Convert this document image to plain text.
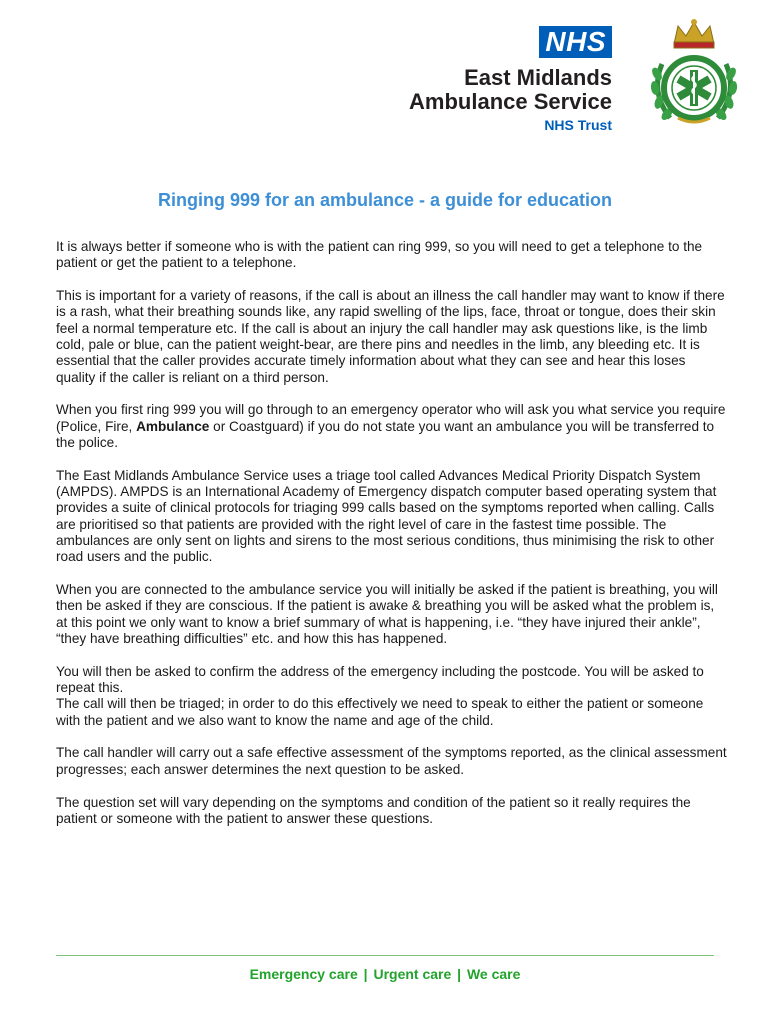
NHS
East Midlands
Ambulance Service
NHS Trust
Ringing 999 for an ambulance - a guide for education

It is always better if someone who is with the patient can ring 999, so you will need to get a telephone to the patient or get the patient to a telephone.

This is important for a variety of reasons, if the call is about an illness the call handler may want to know if there is a rash, what their breathing sounds like, any rapid swelling of the lips, face, throat or tongue, does their skin feel a normal temperature etc. If the call is about an injury the call handler may ask questions like, is the limb cold, pale or blue, can the patient weight-bear, are there pins and needles in the limb, any bleeding etc. It is essential that the caller provides accurate timely information about what they can see and hear this loses quality if the caller is reliant on a third person.

When you first ring 999 you will go through to an emergency operator who will ask you what service you require (Police, Fire, Ambulance or Coastguard) if you do not state you want an ambulance you will be transferred to the police.

The East Midlands Ambulance Service uses a triage tool called Advances Medical Priority Dispatch System (AMPDS). AMPDS is an International Academy of Emergency dispatch computer based operating system that provides a suite of clinical protocols for triaging 999 calls based on the symptoms reported when calling. Calls are prioritised so that patients are provided with the right level of care in the fastest time possible. The ambulances are only sent on lights and sirens to the most serious conditions, thus minimising the risk to other road users and the public.

When you are connected to the ambulance service you will initially be asked if the patient is breathing, you will then be asked if they are conscious. If the patient is awake & breathing you will be asked what the problem is, at this point we only want to know a brief summary of what is happening, i.e. “they have injured their ankle”, “they have breathing difficulties” etc. and how this has happened.

You will then be asked to confirm the address of the emergency including the postcode. You will be asked to repeat this.
The call will then be triaged; in order to do this effectively we need to speak to either the patient or someone with the patient and we also want to know the name and age of the child.

The call handler will carry out a safe effective assessment of the symptoms reported, as the clinical assessment progresses; each answer determines the next question to be asked.

The question set will vary depending on the symptoms and condition of the patient so it really requires the patient or someone with the patient to answer these questions.

Emergency care | Urgent care | We care
